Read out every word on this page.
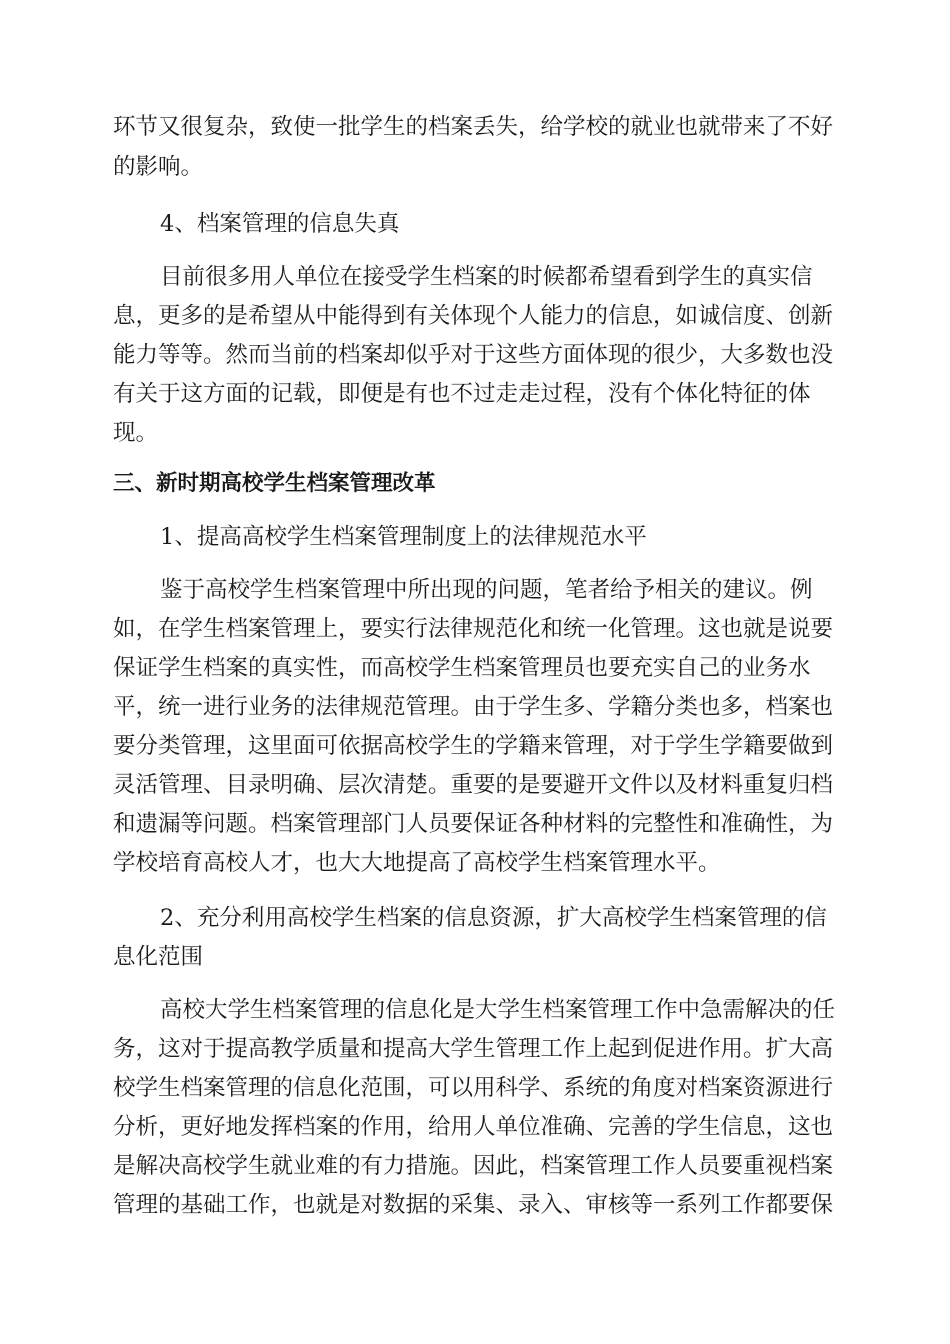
环节又很复杂，致使一批学生的档案丢失，给学校的就业也就带来了不好
的影响。
4、档案管理的信息失真
目前很多用人单位在接受学生档案的时候都希望看到学生的真实信
息，更多的是希望从中能得到有关体现个人能力的信息，如诚信度、创新
能力等等。然而当前的档案却似乎对于这些方面体现的很少，大多数也没
有关于这方面的记载，即便是有也不过走走过程，没有个体化特征的体
现。
三、新时期高校学生档案管理改革
1、提高高校学生档案管理制度上的法律规范水平
鉴于高校学生档案管理中所出现的问题，笔者给予相关的建议。例
如，在学生档案管理上，要实行法律规范化和统一化管理。这也就是说要
保证学生档案的真实性，而高校学生档案管理员也要充实自己的业务水
平，统一进行业务的法律规范管理。由于学生多、学籍分类也多，档案也
要分类管理，这里面可依据高校学生的学籍来管理，对于学生学籍要做到
灵活管理、目录明确、层次清楚。重要的是要避开文件以及材料重复归档
和遗漏等问题。档案管理部门人员要保证各种材料的完整性和准确性，为
学校培育高校人才，也大大地提高了高校学生档案管理水平。
2、充分利用高校学生档案的信息资源，扩大高校学生档案管理的信
息化范围
高校大学生档案管理的信息化是大学生档案管理工作中急需解决的任
务，这对于提高教学质量和提高大学生管理工作上起到促进作用。扩大高
校学生档案管理的信息化范围，可以用科学、系统的角度对档案资源进行
分析，更好地发挥档案的作用，给用人单位准确、完善的学生信息，这也
是解决高校学生就业难的有力措施。因此，档案管理工作人员要重视档案
管理的基础工作，也就是对数据的采集、录入、审核等一系列工作都要保
